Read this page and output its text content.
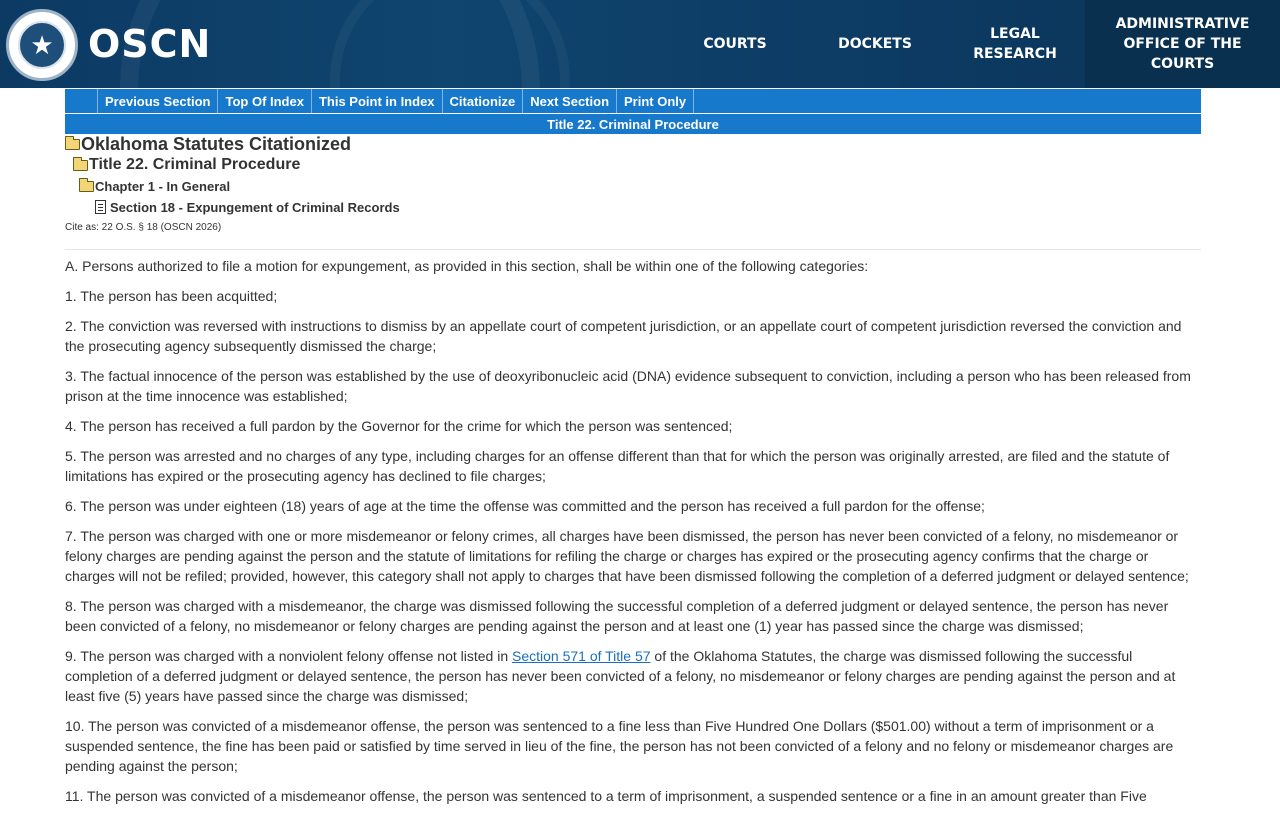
★ OSCN	COURTS	DOCKETS
LEGAL RESEARCH
ADMINISTRATIVE OFFICE OF THE COURTS
Previous Section	Top Of Index	This Point in Index	Citationize	Next Section	Print Only
Title 22. Criminal Procedure
Oklahoma Statutes Citationized
Title 22. Criminal Procedure
Chapter 1 - In General
Section 18 - Expungement of Criminal Records
Cite as: 22 O.S. § 18 (OSCN 2026)

A. Persons authorized to file a motion for expungement, as provided in this section, shall be within one of the following categories:

1. The person has been acquitted;

2. The conviction was reversed with instructions to dismiss by an appellate court of competent jurisdiction, or an appellate court of competent jurisdiction reversed the conviction and the prosecuting agency subsequently dismissed the charge;

3. The factual innocence of the person was established by the use of deoxyribonucleic acid (DNA) evidence subsequent to conviction, including a person who has been released from prison at the time innocence was established;

4. The person has received a full pardon by the Governor for the crime for which the person was sentenced;

5. The person was arrested and no charges of any type, including charges for an offense different than that for which the person was originally arrested, are filed and the statute of limitations has expired or the prosecuting agency has declined to file charges;

6. The person was under eighteen (18) years of age at the time the offense was committed and the person has received a full pardon for the offense;

7. The person was charged with one or more misdemeanor or felony crimes, all charges have been dismissed, the person has never been convicted of a felony, no misdemeanor or felony charges are pending against the person and the statute of limitations for refiling the charge or charges has expired or the prosecuting agency confirms that the charge or charges will not be refiled; provided, however, this category shall not apply to charges that have been dismissed following the completion of a deferred judgment or delayed sentence;

8. The person was charged with a misdemeanor, the charge was dismissed following the successful completion of a deferred judgment or delayed sentence, the person has never been convicted of a felony, no misdemeanor or felony charges are pending against the person and at least one (1) year has passed since the charge was dismissed;

9. The person was charged with a nonviolent felony offense not listed in Section 571 of Title 57 of the Oklahoma Statutes, the charge was dismissed following the successful completion of a deferred judgment or delayed sentence, the person has never been convicted of a felony, no misdemeanor or felony charges are pending against the person and at least five (5) years have passed since the charge was dismissed;

10. The person was convicted of a misdemeanor offense, the person was sentenced to a fine less than Five Hundred One Dollars ($501.00) without a term of imprisonment or a suspended sentence, the fine has been paid or satisfied by time served in lieu of the fine, the person has not been convicted of a felony and no felony or misdemeanor charges are pending against the person;

11. The person was convicted of a misdemeanor offense, the person was sentenced to a term of imprisonment, a suspended sentence or a fine in an amount greater than Five
